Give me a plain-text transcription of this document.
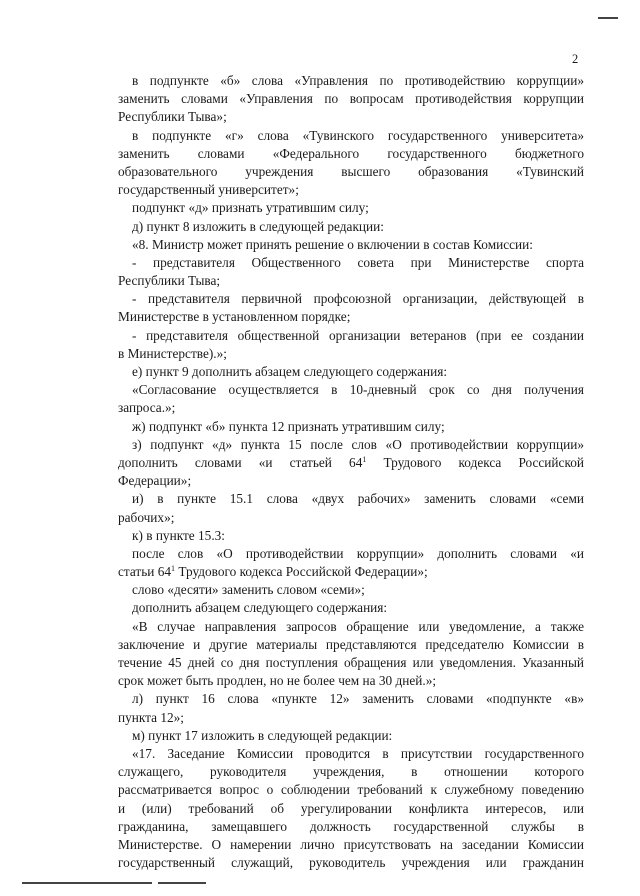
2
в подпункте «б» слова «Управления по противодействию коррупции»
заменить словами «Управления по вопросам противодействия коррупции
Республики Тыва»;
в подпункте «г» слова «Тувинского государственного университета»
заменить словами «Федерального государственного бюджетного
образовательного учреждения высшего образования «Тувинский
государственный университет»;
подпункт «д» признать утратившим силу;
д) пункт 8 изложить в следующей редакции:
«8. Министр может принять решение о включении в состав Комиссии:
- представителя Общественного совета при Министерстве спорта
Республики Тыва;
- представителя первичной профсоюзной организации, действующей в
Министерстве в установленном порядке;
- представителя общественной организации ветеранов (при ее создании
в Министерстве).»;
е) пункт 9 дополнить абзацем следующего содержания:
«Согласование осуществляется в 10-дневный срок со дня получения
запроса.»;
ж) подпункт «б» пункта 12 признать утратившим силу;
з) подпункт «д» пункта 15 после слов «О противодействии коррупции»
дополнить словами «и статьей $64^1$ Трудового кодекса Российской
Федерации»;
и) в пункте 15.1 слова «двух рабочих» заменить словами «семи
рабочих»;
к) в пункте 15.3:
после слов «О противодействии коррупции» дополнить словами «и
статьи $64^1$ Трудового кодекса Российской Федерации»;
слово «десяти» заменить словом «семи»;
дополнить абзацем следующего содержания:
«В случае направления запросов обращение или уведомление, а также
заключение и другие материалы представляются председателю Комиссии в
течение 45 дней со дня поступления обращения или уведомления. Указанный
срок может быть продлен, но не более чем на 30 дней.»;
л) пункт 16 слова «пункте 12» заменить словами «подпункте «в»
пункта 12»;
м) пункт 17 изложить в следующей редакции:
«17. Заседание Комиссии проводится в присутствии государственного
служащего, руководителя учреждения, в отношении которого
рассматривается вопрос о соблюдении требований к служебному поведению
и (или) требований об урегулировании конфликта интересов, или
гражданина, замещавшего должность государственной службы в
Министерстве. О намерении лично присутствовать на заседании Комиссии
государственный служащий, руководитель учреждения или гражданин
